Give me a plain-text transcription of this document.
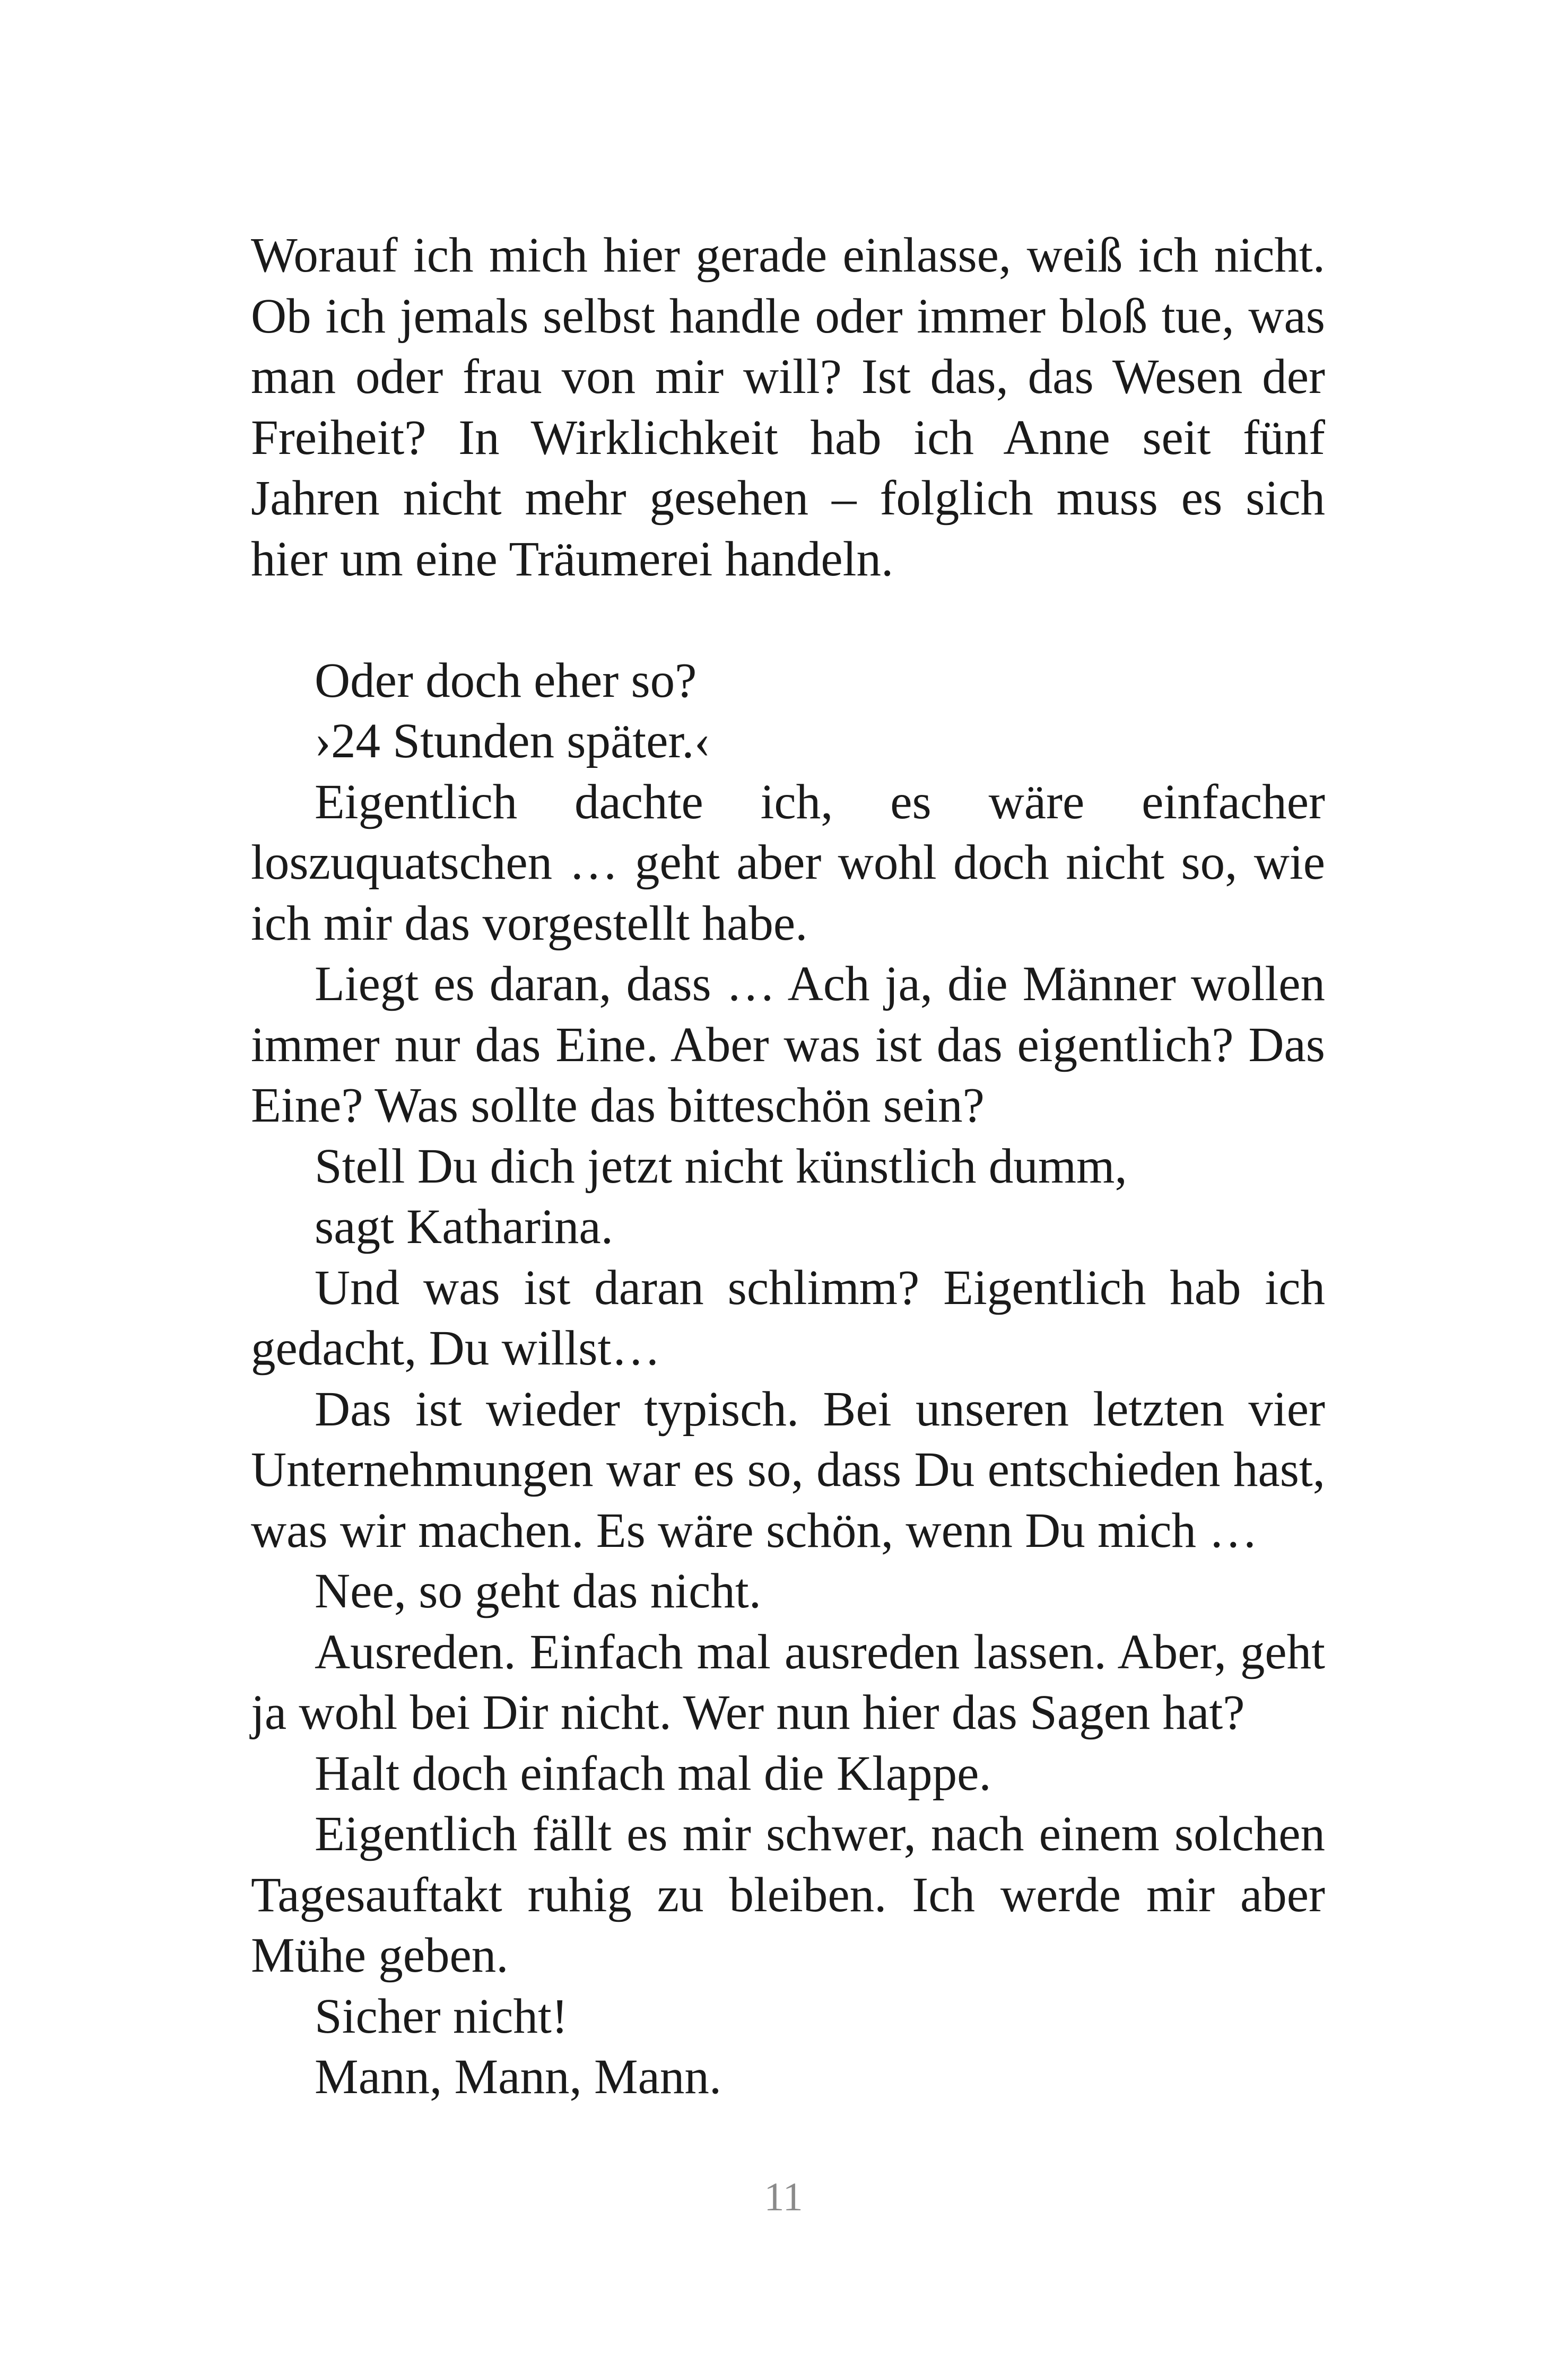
Worauf ich mich hier gerade einlasse, weiß ich nicht. Ob ich jemals selbst handle oder immer bloß tue, was man oder frau von mir will? Ist das, das Wesen der Freiheit? In Wirklichkeit hab ich Anne seit fünf Jahren nicht mehr gesehen – folglich muss es sich hier um eine Träumerei handeln.

Oder doch eher so?

›24 Stunden später.‹

Eigentlich dachte ich, es wäre einfacher loszuquatschen … geht aber wohl doch nicht so, wie ich mir das vorgestellt habe.

Liegt es daran, dass … Ach ja, die Männer wollen immer nur das Eine. Aber was ist das eigentlich? Das Eine? Was sollte das bitteschön sein?

Stell Du dich jetzt nicht künstlich dumm,

sagt Katharina.

Und was ist daran schlimm? Eigentlich hab ich gedacht, Du willst…

Das ist wieder typisch. Bei unseren letzten vier Unternehmungen war es so, dass Du entschieden hast, was wir machen. Es wäre schön, wenn Du mich …

Nee, so geht das nicht.

Ausreden. Einfach mal ausreden lassen. Aber, geht ja wohl bei Dir nicht. Wer nun hier das Sagen hat?

Halt doch einfach mal die Klappe.

Eigentlich fällt es mir schwer, nach einem solchen Tagesauftakt ruhig zu bleiben. Ich werde mir aber Mühe geben.

Sicher nicht!

Mann, Mann, Mann.

11
